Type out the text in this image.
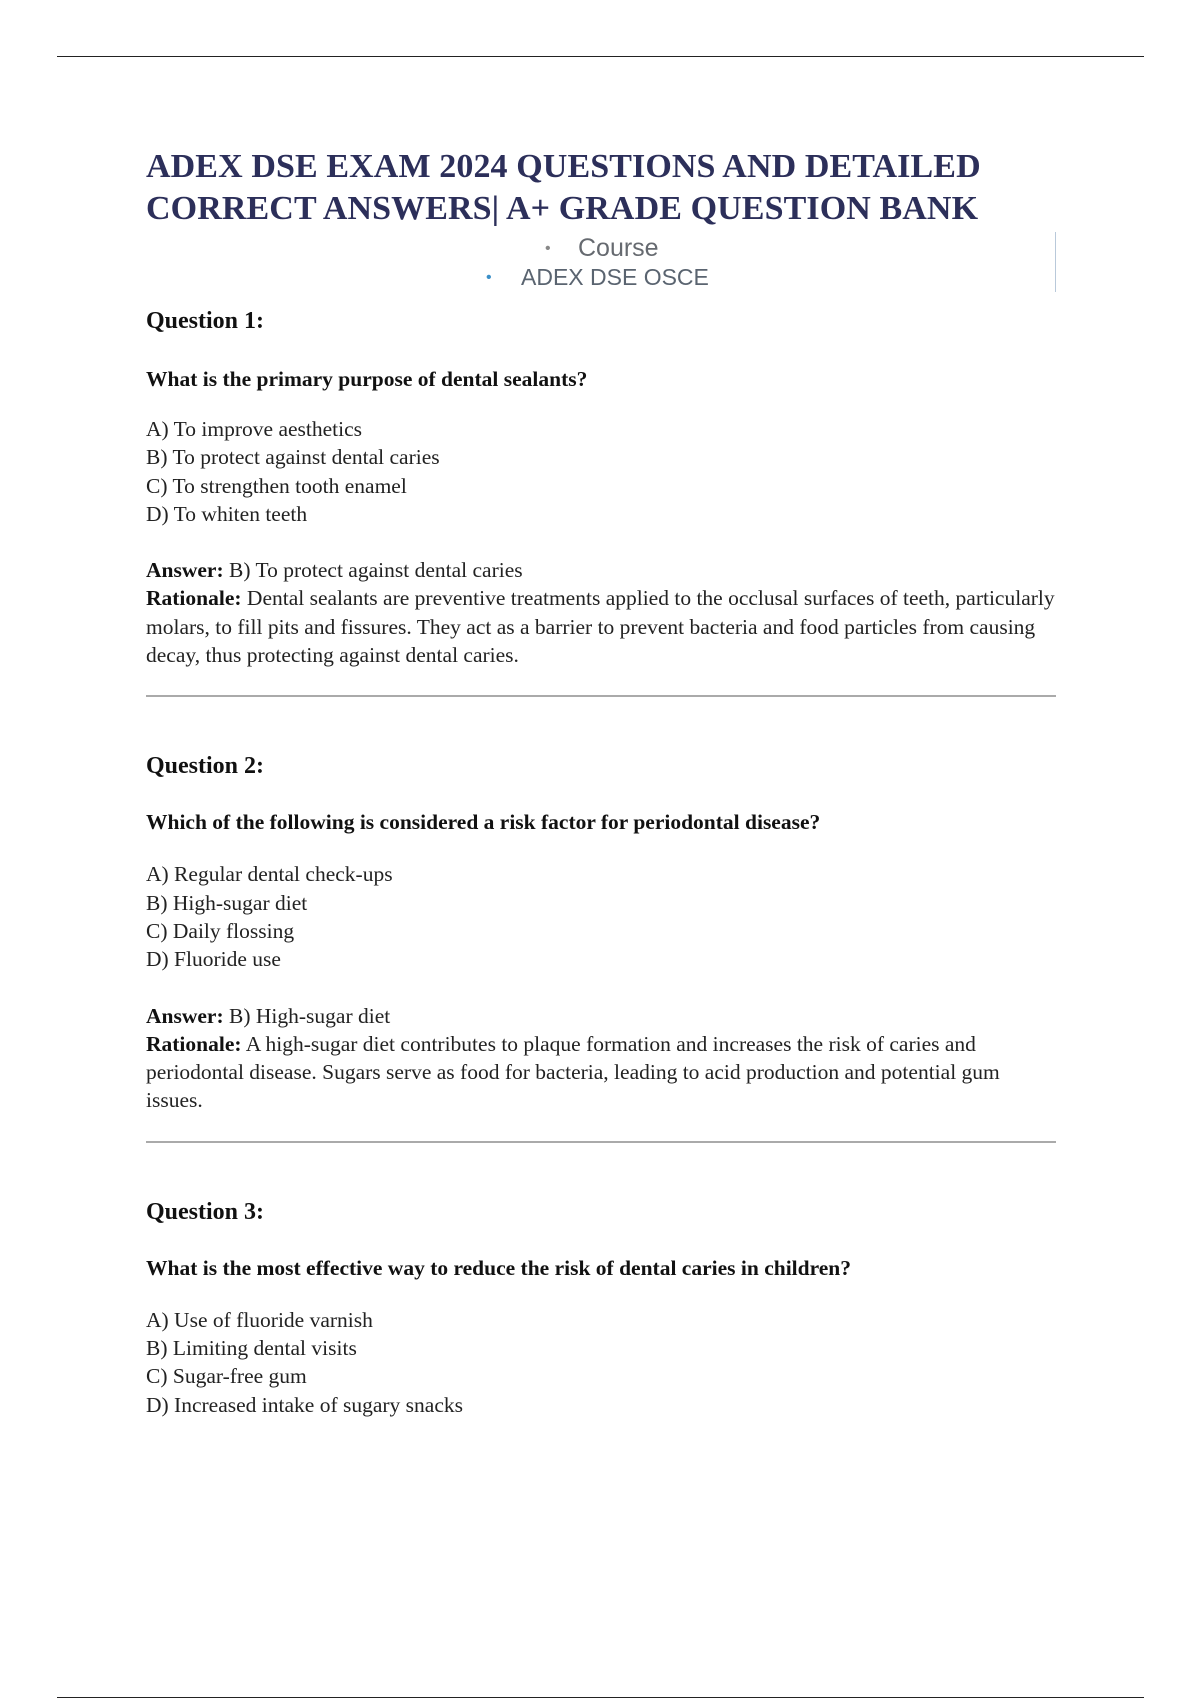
ADEX DSE EXAM 2024 QUESTIONS AND DETAILED CORRECT ANSWERS| A+ GRADE QUESTION BANK
• Course
• ADEX DSE OSCE

Question 1:

What is the primary purpose of dental sealants?

A) To improve aesthetics
B) To protect against dental caries
C) To strengthen tooth enamel
D) To whiten teeth

Answer: B) To protect against dental caries

Rationale: Dental sealants are preventive treatments applied to the occlusal surfaces of teeth, particularly molars, to fill pits and fissures. They act as a barrier to prevent bacteria and food particles from causing decay, thus protecting against dental caries.

Question 2:

Which of the following is considered a risk factor for periodontal disease?

A) Regular dental check-ups
B) High-sugar diet
C) Daily flossing
D) Fluoride use

Answer: B) High-sugar diet

Rationale: A high-sugar diet contributes to plaque formation and increases the risk of caries and periodontal disease. Sugars serve as food for bacteria, leading to acid production and potential gum issues.

Question 3:

What is the most effective way to reduce the risk of dental caries in children?

A) Use of fluoride varnish
B) Limiting dental visits
C) Sugar-free gum
D) Increased intake of sugary snacks
